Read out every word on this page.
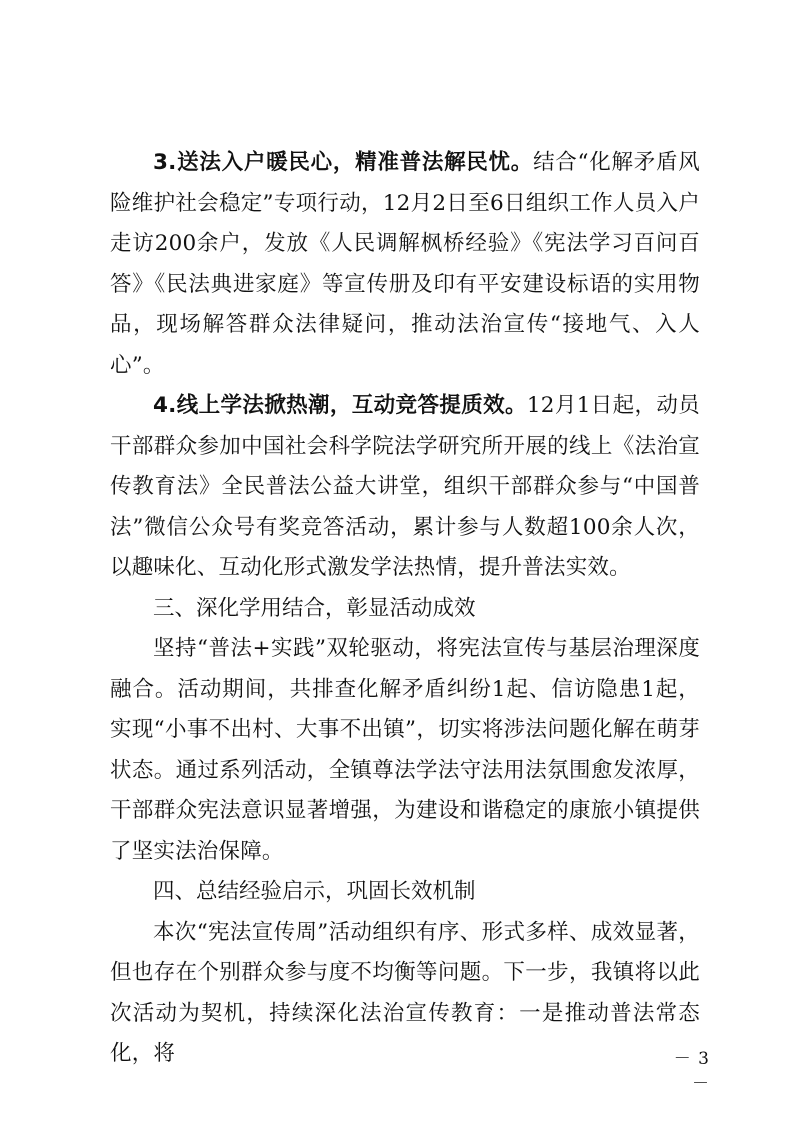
3.送法入户暖民心，精准普法解民忧。结合“化解矛盾风险维护社会稳定”专项行动，12月2日至6日组织工作人员入户走访200余户，发放《人民调解枫桥经验》《宪法学习百问百答》《民法典进家庭》等宣传册及印有平安建设标语的实用物品，现场解答群众法律疑问，推动法治宣传“接地气、入人心”。

4.线上学法掀热潮，互动竞答提质效。12月1日起，动员干部群众参加中国社会科学院法学研究所开展的线上《法治宣传教育法》全民普法公益大讲堂，组织干部群众参与“中国普法”微信公众号有奖竞答活动，累计参与人数超100余人次，以趣味化、互动化形式激发学法热情，提升普法实效。

三、深化学用结合，彰显活动成效

坚持“普法+实践”双轮驱动，将宪法宣传与基层治理深度融合。活动期间，共排查化解矛盾纠纷1起、信访隐患1起，实现“小事不出村、大事不出镇”，切实将涉法问题化解在萌芽状态。通过系列活动，全镇尊法学法守法用法氛围愈发浓厚，干部群众宪法意识显著增强，为建设和谐稳定的康旅小镇提供了坚实法治保障。

四、总结经验启示，巩固长效机制

本次“宪法宣传周”活动组织有序、形式多样、成效显著，但也存在个别群众参与度不均衡等问题。下一步，我镇将以此次活动为契机，持续深化法治宣传教育：一是推动普法常态化，将	－ 3 －
